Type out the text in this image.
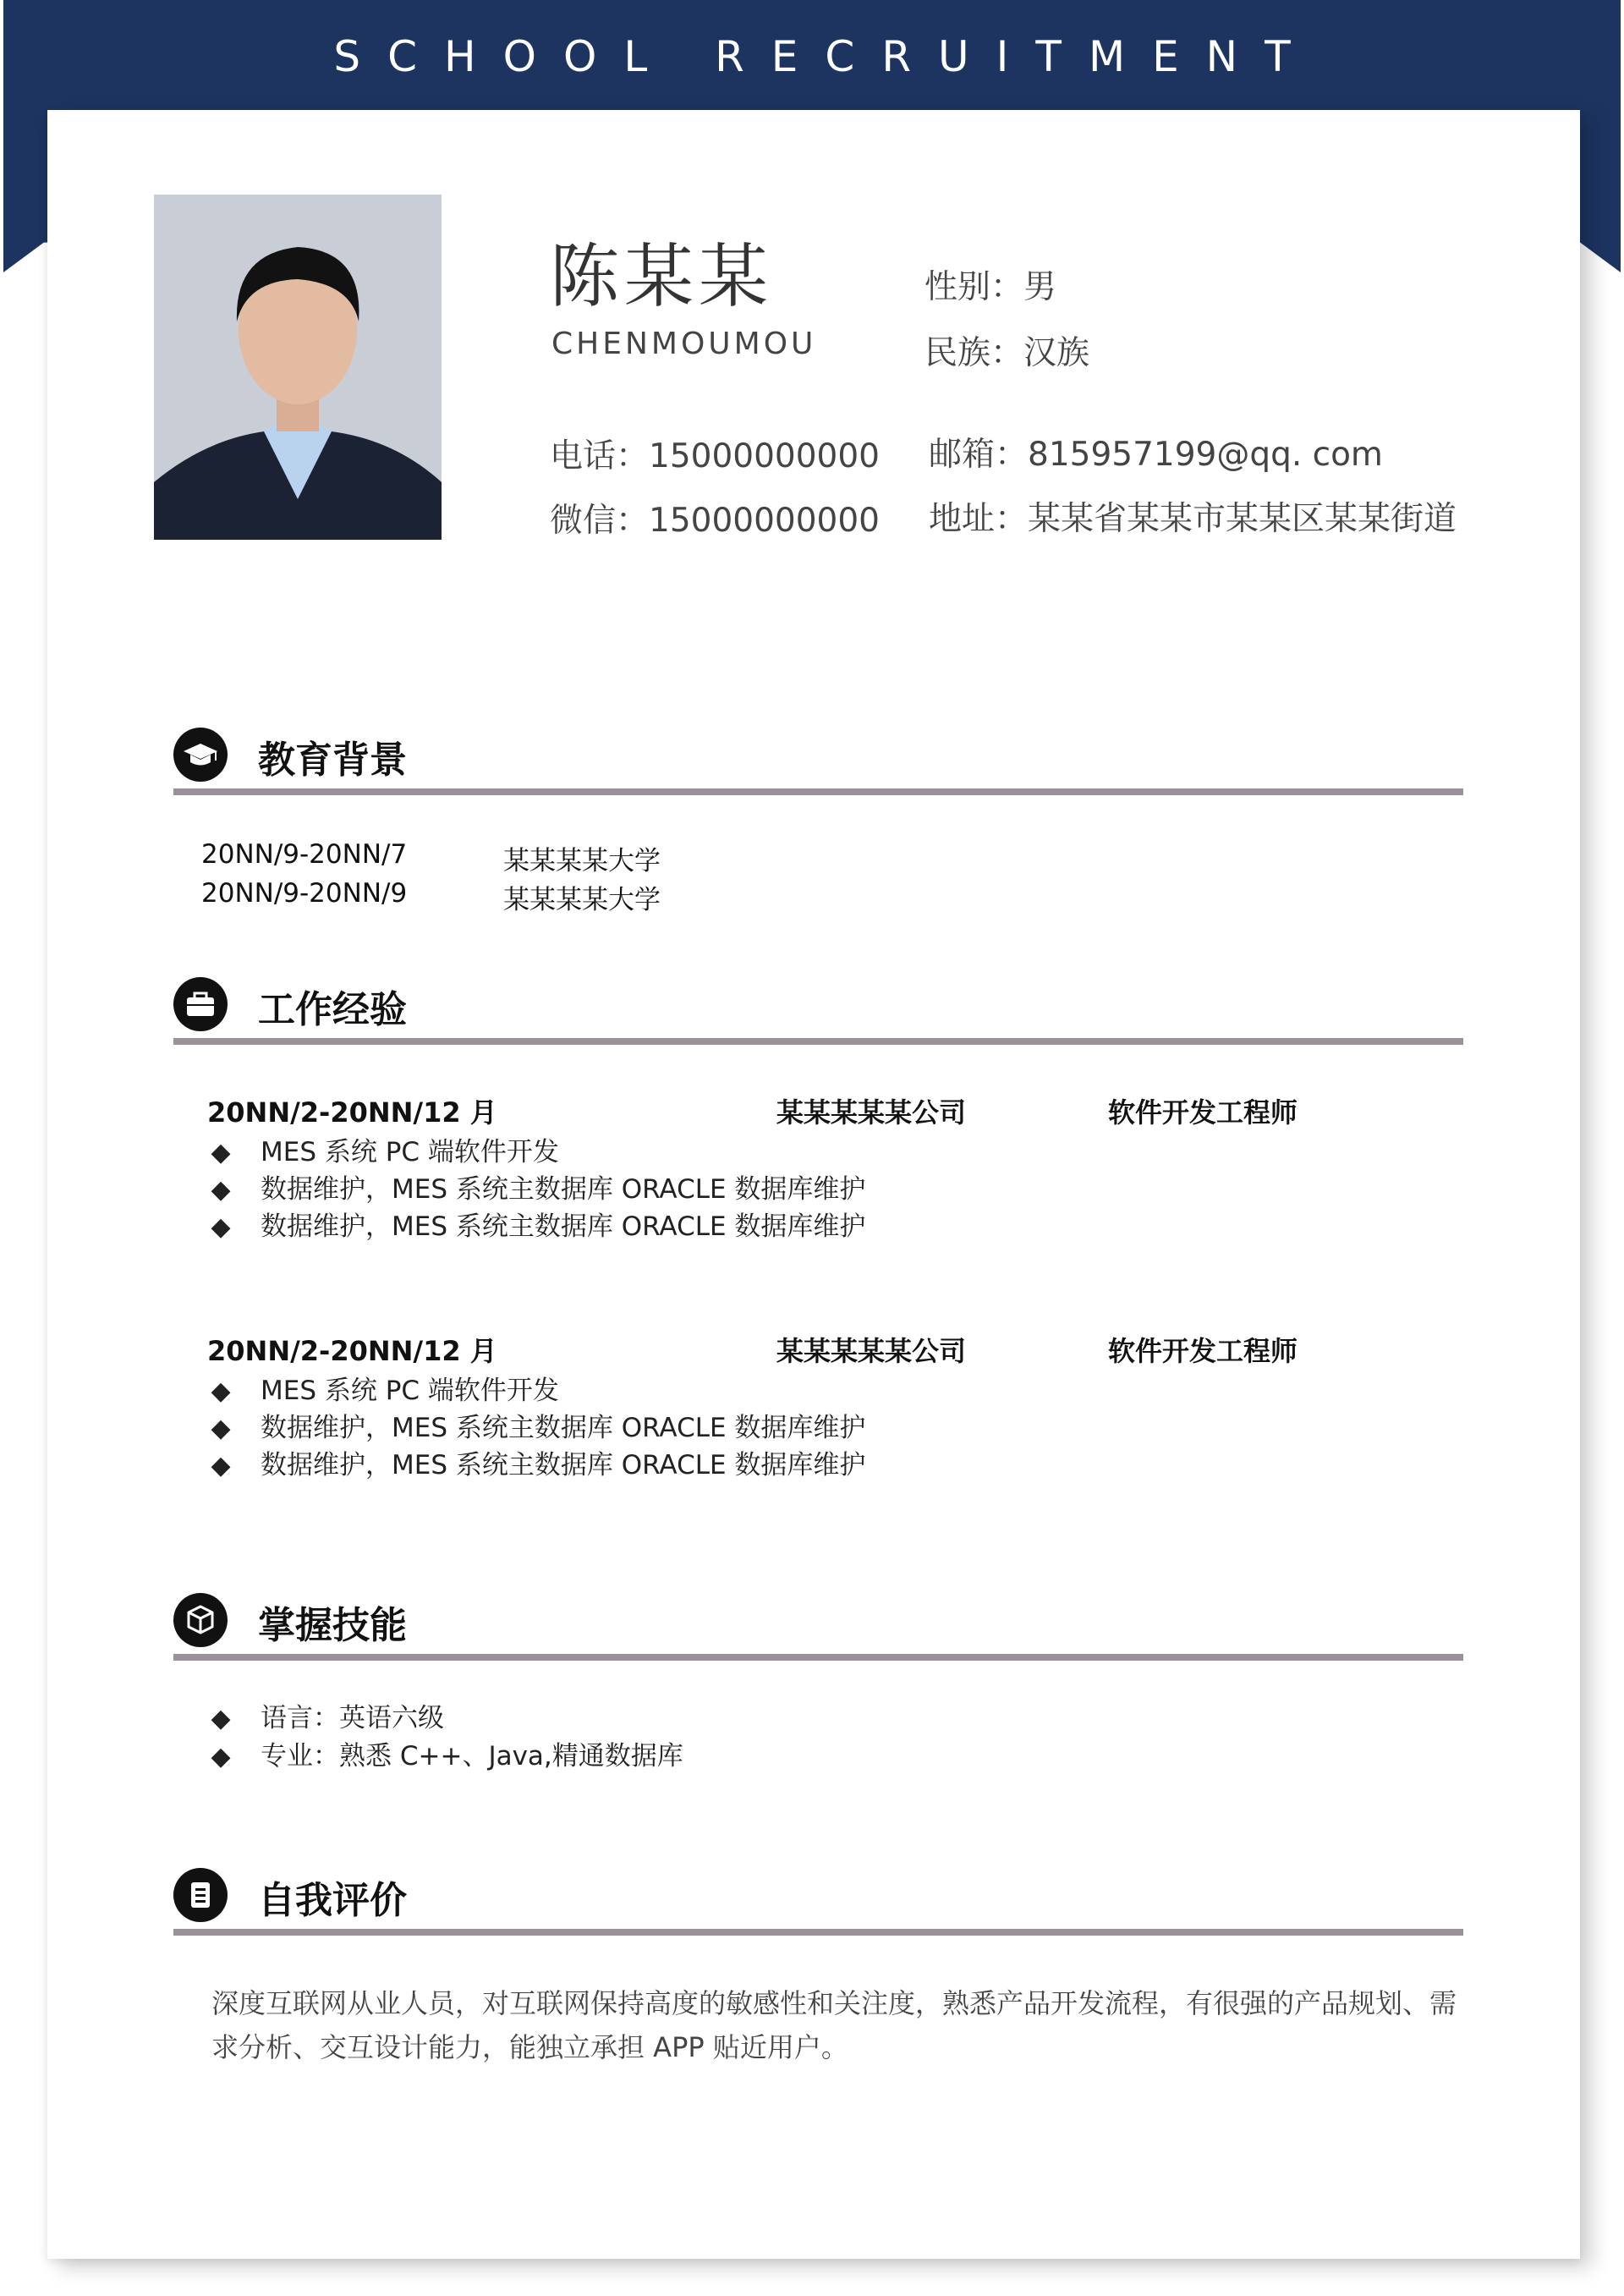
SCHOOL RECRUITMENT
陈某某
CHENMOUMOU
性别：男
民族：汉族
电话：15000000000
微信：15000000000
邮箱：815957199@qq. com
地址：某某省某某市某某区某某街道
教育背景
20NN/9-20NN/7	某某某某大学
20NN/9-20NN/9	某某某某大学
工作经验
20NN/2-20NN/12 月	某某某某某公司	软件开发工程师
◆ MES 系统 PC 端软件开发
◆ 数据维护，MES 系统主数据库 ORACLE 数据库维护
◆ 数据维护，MES 系统主数据库 ORACLE 数据库维护
20NN/2-20NN/12 月	某某某某某公司	软件开发工程师
◆ MES 系统 PC 端软件开发
◆ 数据维护，MES 系统主数据库 ORACLE 数据库维护
◆ 数据维护，MES 系统主数据库 ORACLE 数据库维护
掌握技能
◆ 语言：英语六级
◆ 专业：熟悉 C++、Java,精通数据库
自我评价
深度互联网从业人员，对互联网保持高度的敏感性和关注度，熟悉产品开发流程，有很强的产品规划、需求分析、交互设计能力，能独立承担 APP 贴近用户。
